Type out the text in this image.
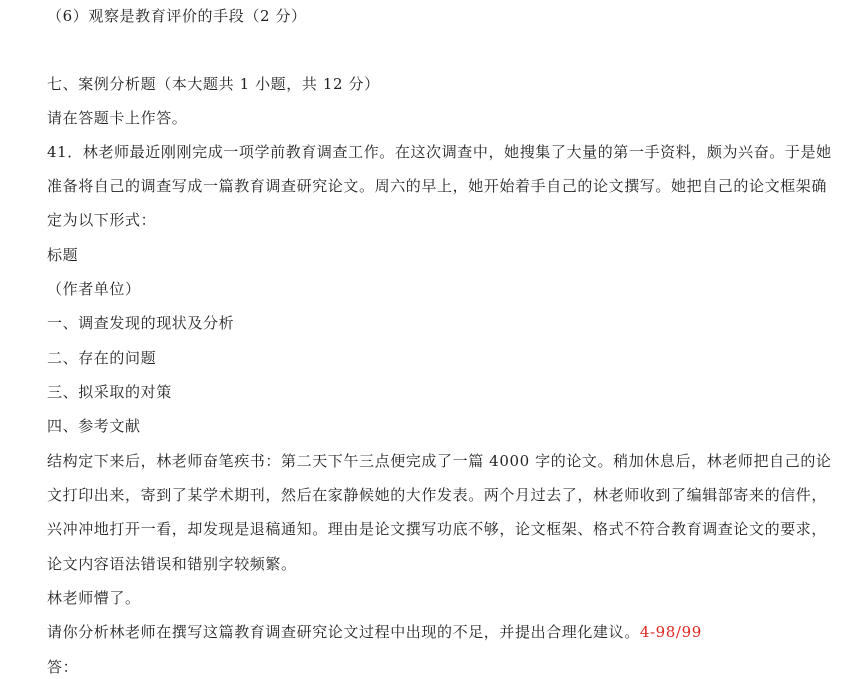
（6）观察是教育评价的手段（2 分）
七、案例分析题（本大题共 1 小题，共 12 分）
请在答题卡上作答。
41．林老师最近刚刚完成一项学前教育调查工作。在这次调查中，她搜集了大量的第一手资料，颇为兴奋。于是她
准备将自己的调查写成一篇教育调查研究论文。周六的早上，她开始着手自己的论文撰写。她把自己的论文框架确
定为以下形式：
标题
（作者单位）
一、调查发现的现状及分析
二、存在的问题
三、拟采取的对策
四、参考文献
结构定下来后，林老师奋笔疾书：第二天下午三点便完成了一篇 4000 字的论文。稍加休息后，林老师把自己的论
文打印出来，寄到了某学术期刊，然后在家静候她的大作发表。两个月过去了，林老师收到了编辑部寄来的信件，
兴冲冲地打开一看，却发现是退稿通知。理由是论文撰写功底不够，论文框架、格式不符合教育调查论文的要求，
论文内容语法错误和错别字较频繁。
林老师懵了。
请你分析林老师在撰写这篇教育调查研究论文过程中出现的不足，并提出合理化建议。4-98/99
答：
